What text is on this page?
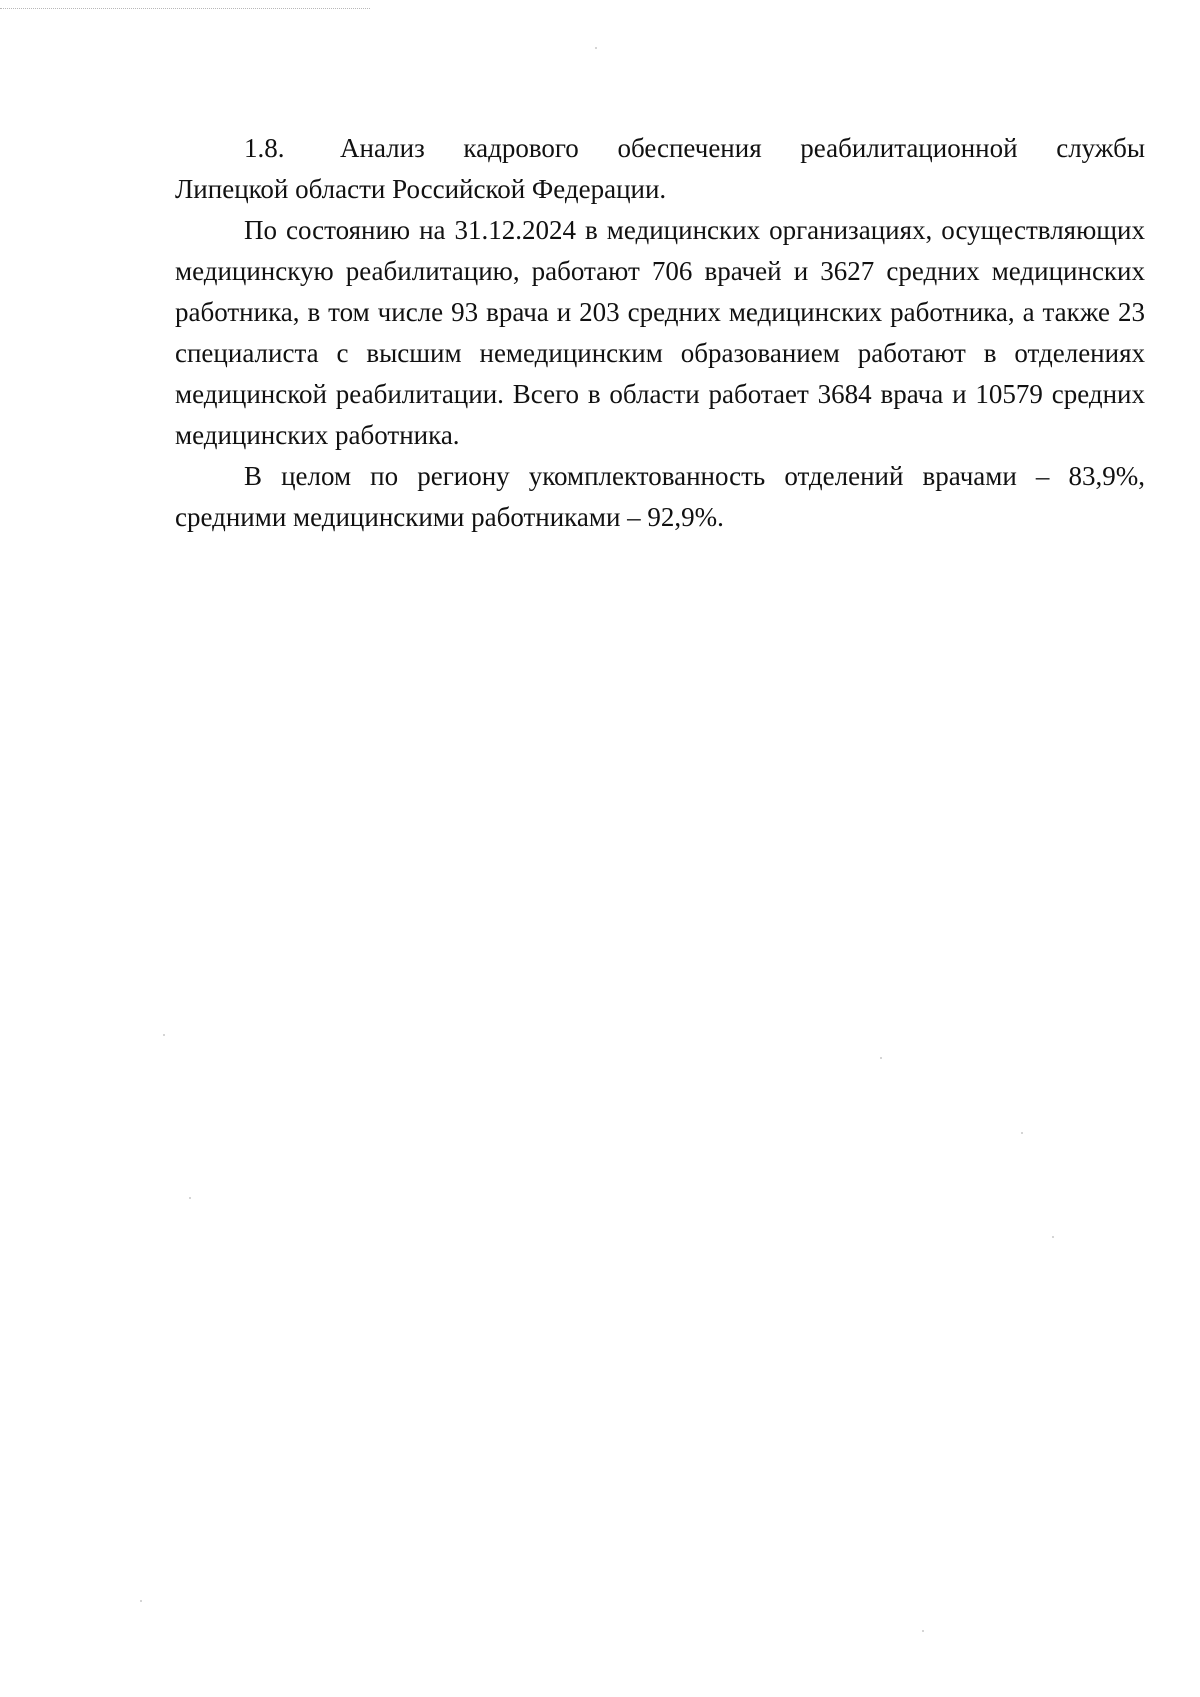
1.8.	Анализ кадрового обеспечения реабилитационной службы

Липецкой области Российской Федерации.

По состоянию на 31.12.2024 в медицинских организациях, осуществляющих медицинскую реабилитацию, работают 706 врачей и 3627 средних медицинских работника, в том числе 93 врача и 203 средних медицинских работника, а также 23 специалиста с высшим немедицинским образованием работают в отделениях медицинской реабилитации. Всего в области работает 3684 врача и 10579 средних медицинских работника.

В целом по региону укомплектованность отделений врачами – 83,9%, средними медицинскими работниками – 92,9%.
